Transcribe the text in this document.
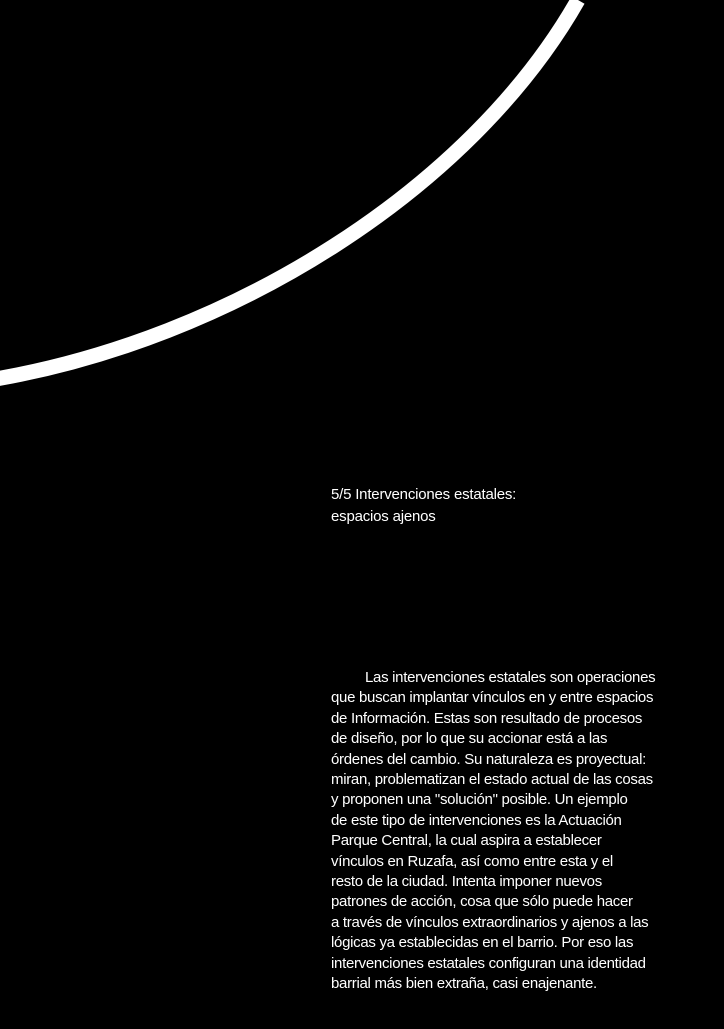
5/5 Intervenciones estatales:
espacios ajenos
Las intervenciones estatales son operaciones
que buscan implantar vínculos en y entre espacios
de Información. Estas son resultado de procesos
de diseño, por lo que su accionar está a las
órdenes del cambio. Su naturaleza es proyectual:
miran, problematizan el estado actual de las cosas
y proponen una "solución" posible. Un ejemplo
de este tipo de intervenciones es la Actuación
Parque Central, la cual aspira a establecer
vínculos en Ruzafa, así como entre esta y el
resto de la ciudad. Intenta imponer nuevos
patrones de acción, cosa que sólo puede hacer
a través de vínculos extraordinarios y ajenos a las
lógicas ya establecidas en el barrio. Por eso las
intervenciones estatales configuran una identidad
barrial más bien extraña, casi enajenante.
